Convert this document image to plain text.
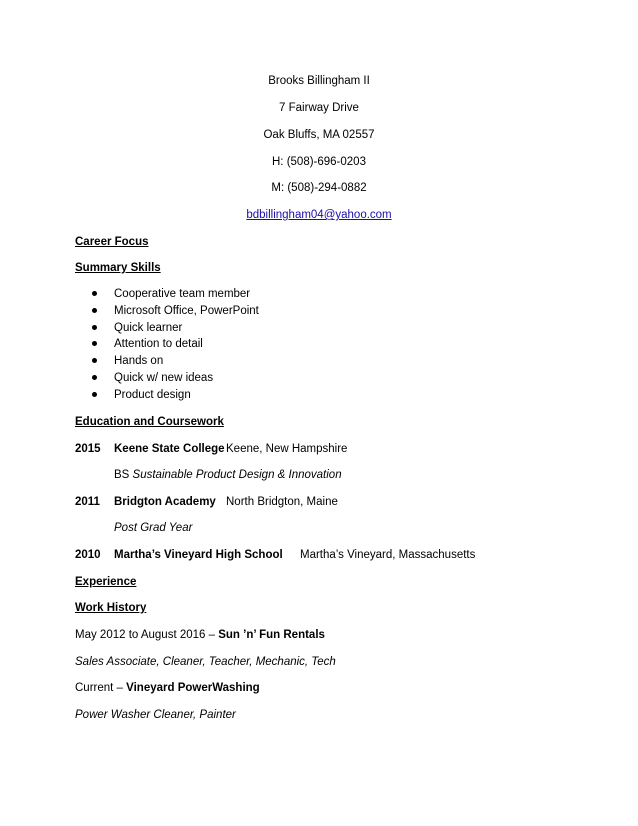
Brooks Billingham II
7 Fairway Drive
Oak Bluffs, MA 02557
H: (508)-696-0203
M: (508)-294-0882
bdbillingham04@yahoo.com
Career Focus
Summary Skills
Cooperative team member
Microsoft Office, PowerPoint
Quick learner
Attention to detail
Hands on
Quick w/ new ideas
Product design
Education and Coursework
2015 Keene State College Keene, New Hampshire
BS Sustainable Product Design & Innovation
2011 Bridgton Academy North Bridgton, Maine
Post Grad Year
2010 Martha’s Vineyard High School Martha’s Vineyard, Massachusetts
Experience
Work History
May 2012 to August 2016 – Sun ’n’ Fun Rentals
Sales Associate, Cleaner, Teacher, Mechanic, Tech
Current – Vineyard PowerWashing
Power Washer Cleaner, Painter
